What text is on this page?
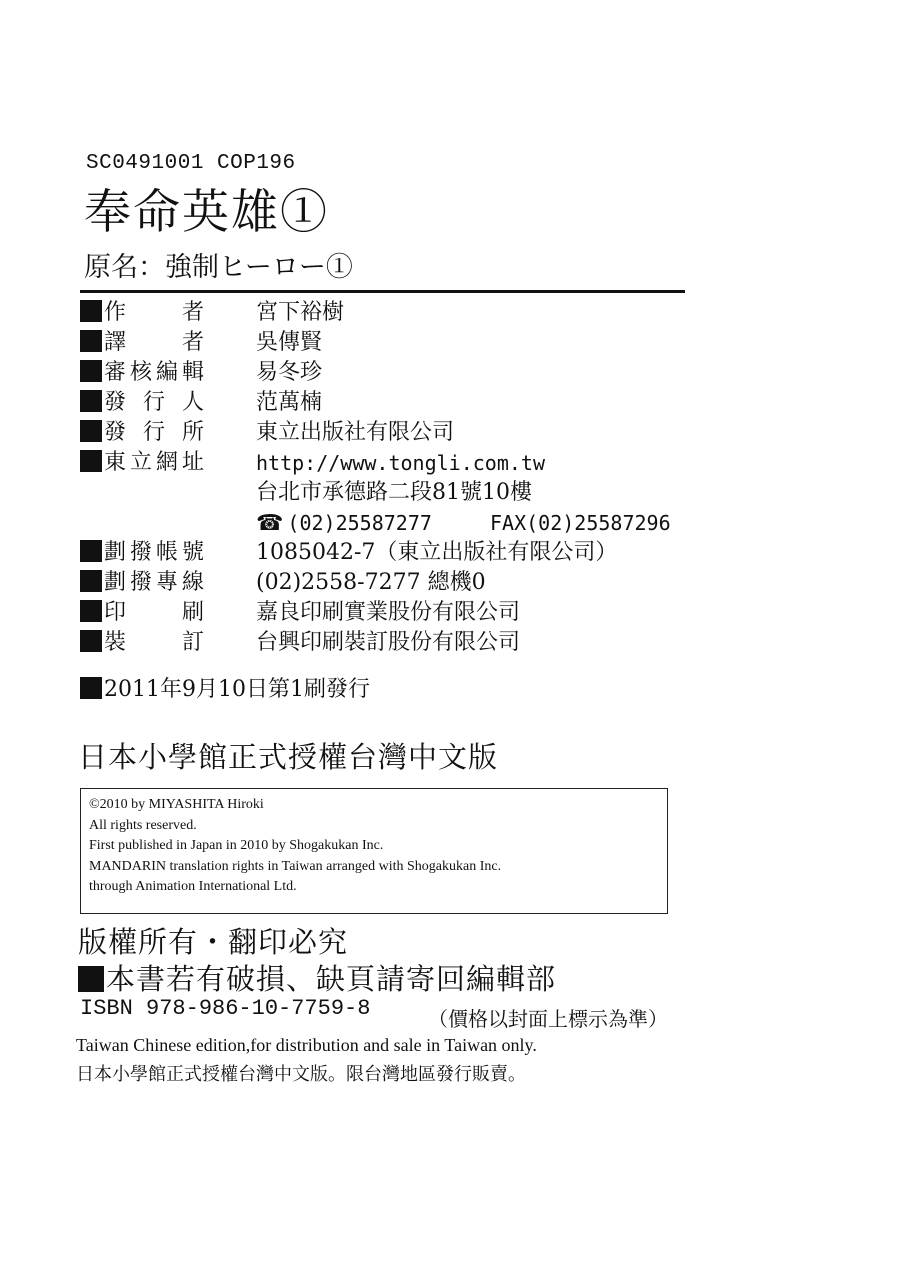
SC0491001 COP196
奉命英雄①
原名：強制ヒーロー①
作　　者	宮下裕樹
譯　　者	吳傳賢
審核編輯	易冬珍
發 行 人	范萬楠
發 行 所	東立出版社有限公司
東立網址	http://www.tongli.com.tw
台北市承德路二段81號10樓
☎ (02)25587277	FAX(02)25587296
劃撥帳號	1085042-7（東立出版社有限公司）
劃撥專線	(02)2558-7277 總機0
印　　刷	嘉良印刷實業股份有限公司
裝　　訂	台興印刷裝訂股份有限公司
2011年9月10日第1刷發行
日本小學館正式授權台灣中文版
©2010 by MIYASHITA Hiroki
All rights reserved.
First published in Japan in 2010 by Shogakukan Inc.
MANDARIN translation rights in Taiwan arranged with Shogakukan Inc.
through Animation International Ltd.
版權所有・翻印必究
本書若有破損、缺頁請寄回編輯部
ISBN 978-986-10-7759-8	（價格以封面上標示為準）
Taiwan Chinese edition,for distribution and sale in Taiwan only.
日本小學館正式授權台灣中文版。限台灣地區發行販賣。
